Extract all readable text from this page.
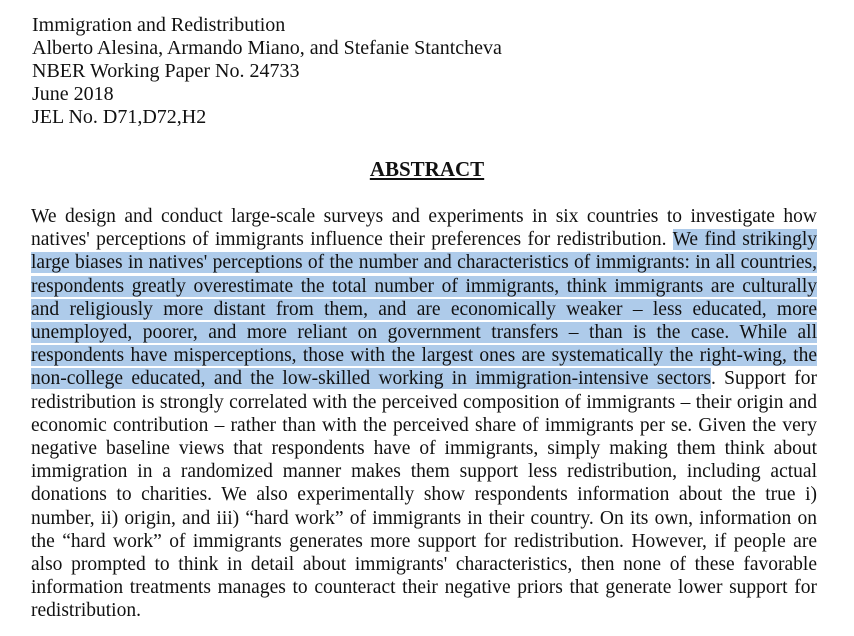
Immigration and Redistribution
Alberto Alesina, Armando Miano, and Stefanie Stantcheva
NBER Working Paper No. 24733
June 2018
JEL No. D71,D72,H2
ABSTRACT

We design and conduct large-scale surveys and experiments in six countries to investigate how natives' perceptions of immigrants influence their preferences for redistribution. We find strikingly large biases in natives' perceptions of the number and characteristics of immigrants: in all countries, respondents greatly overestimate the total number of immigrants, think immigrants are culturally and religiously more distant from them, and are economically weaker – less educated, more unemployed, poorer, and more reliant on government transfers – than is the case. While all respondents have misperceptions, those with the largest ones are systematically the right-wing, the non-college educated, and the low-skilled working in immigration-intensive sectors. Support for redistribution is strongly correlated with the perceived composition of immigrants – their origin and economic contribution – rather than with the perceived share of immigrants per se. Given the very negative baseline views that respondents have of immigrants, simply making them think about immigration in a randomized manner makes them support less redistribution, including actual donations to charities. We also experimentally show respondents information about the true i) number, ii) origin, and iii) “hard work” of immigrants in their country. On its own, information on the “hard work” of immigrants generates more support for redistribution. However, if people are also prompted to think in detail about immigrants' characteristics, then none of these favorable information treatments manages to counteract their negative priors that generate lower support for redistribution.
